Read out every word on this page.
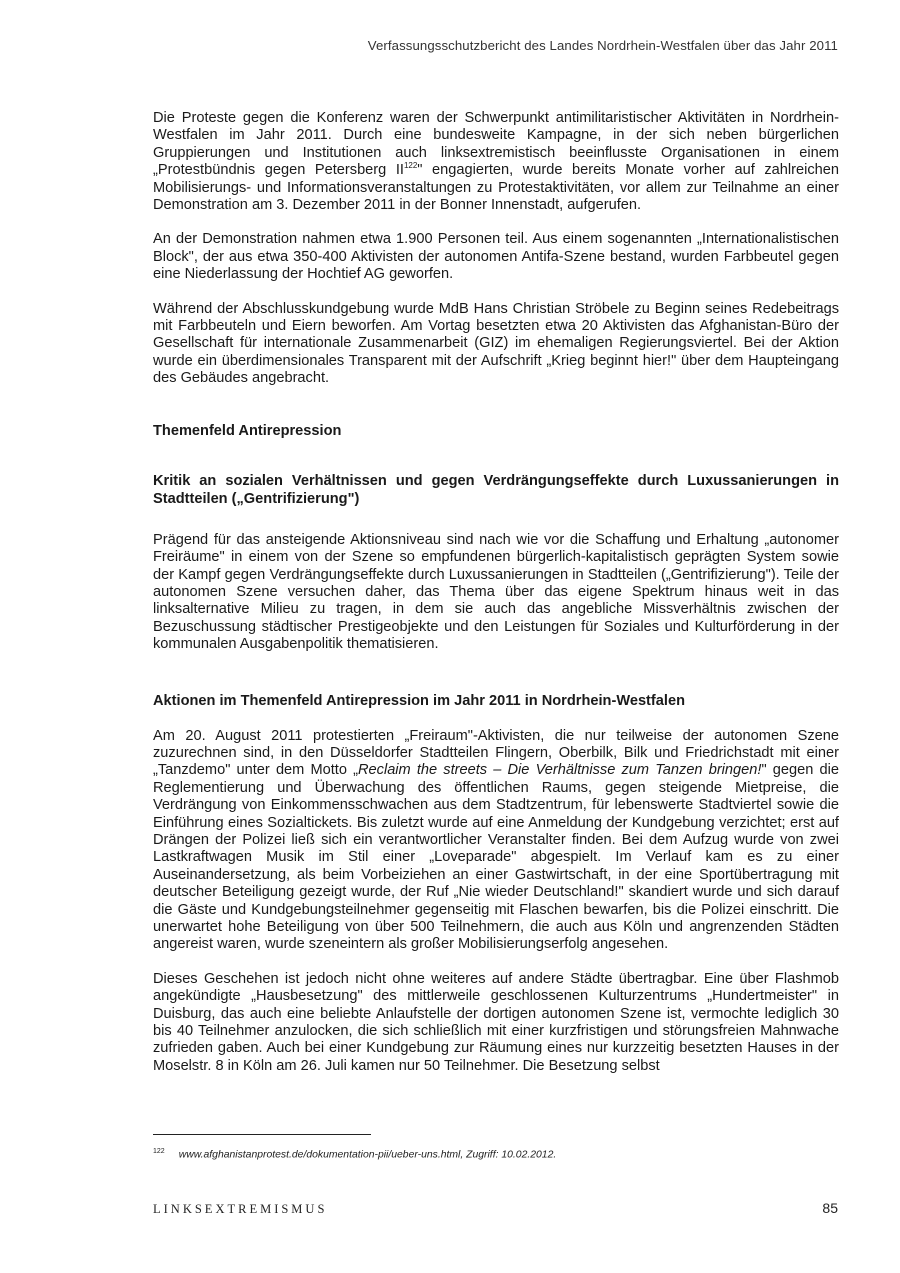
Verfassungsschutzbericht des Landes Nordrhein-Westfalen über das Jahr 2011

Die Proteste gegen die Konferenz waren der Schwerpunkt antimilitaristischer Aktivitäten in Nordrhein-Westfalen im Jahr 2011. Durch eine bundesweite Kampagne, in der sich neben bürgerlichen Gruppierungen und Institutionen auch linksextremistisch beeinflusste Organisationen in einem „Protestbündnis gegen Petersberg II$^{122}$" engagierten, wurde bereits Monate vorher auf zahlreichen Mobilisierungs- und Informationsveranstaltungen zu Protestaktivitäten, vor allem zur Teilnahme an einer Demonstration am 3. Dezember 2011 in der Bonner Innenstadt, aufgerufen.

An der Demonstration nahmen etwa 1.900 Personen teil. Aus einem sogenannten „Internationalistischen Block", der aus etwa 350-400 Aktivisten der autonomen Antifa-Szene bestand, wurden Farbbeutel gegen eine Niederlassung der Hochtief AG geworfen.

Während der Abschlusskundgebung wurde MdB Hans Christian Ströbele zu Beginn seines Redebeitrags mit Farbbeuteln und Eiern beworfen. Am Vortag besetzten etwa 20 Aktivisten das Afghanistan-Büro der Gesellschaft für internationale Zusammenarbeit (GIZ) im ehemaligen Regierungsviertel. Bei der Aktion wurde ein überdimensionales Transparent mit der Aufschrift „Krieg beginnt hier!" über dem Haupteingang des Gebäudes angebracht.

Themenfeld Antirepression
Kritik an sozialen Verhältnissen und gegen Verdrängungseffekte durch Luxussanierungen in Stadtteilen („Gentrifizierung")

Prägend für das ansteigende Aktionsniveau sind nach wie vor die Schaffung und Erhaltung „autonomer Freiräume" in einem von der Szene so empfundenen bürgerlich-kapitalistisch geprägten System sowie der Kampf gegen Verdrängungseffekte durch Luxussanierungen in Stadtteilen („Gentrifizierung"). Teile der autonomen Szene versuchen daher, das Thema über das eigene Spektrum hinaus weit in das linksalternative Milieu zu tragen, in dem sie auch das angebliche Missverhältnis zwischen der Bezuschussung städtischer Prestigeobjekte und den Leistungen für Soziales und Kulturförderung in der kommunalen Ausgabenpolitik thematisieren.

Aktionen im Themenfeld Antirepression im Jahr 2011 in Nordrhein-Westfalen

Am 20. August 2011 protestierten „Freiraum"-Aktivisten, die nur teilweise der autonomen Szene zuzurechnen sind, in den Düsseldorfer Stadtteilen Flingern, Oberbilk, Bilk und Friedrichstadt mit einer „Tanzdemo" unter dem Motto „Reclaim the streets – Die Verhältnisse zum Tanzen bringen!" gegen die Reglementierung und Überwachung des öffentlichen Raums, gegen steigende Mietpreise, die Verdrängung von Einkommensschwachen aus dem Stadtzentrum, für lebenswerte Stadtviertel sowie die Einführung eines Sozialtickets. Bis zuletzt wurde auf eine Anmeldung der Kundgebung verzichtet; erst auf Drängen der Polizei ließ sich ein verantwortlicher Veranstalter finden. Bei dem Aufzug wurde von zwei Lastkraftwagen Musik im Stil einer „Loveparade" abgespielt. Im Verlauf kam es zu einer Auseinandersetzung, als beim Vorbeiziehen an einer Gastwirtschaft, in der eine Sportübertragung mit deutscher Beteiligung gezeigt wurde, der Ruf „Nie wieder Deutschland!" skandiert wurde und sich darauf die Gäste und Kundgebungsteilnehmer gegenseitig mit Flaschen bewarfen, bis die Polizei einschritt. Die unerwartet hohe Beteiligung von über 500 Teilnehmern, die auch aus Köln und angrenzenden Städten angereist waren, wurde szeneintern als großer Mobilisierungserfolg angesehen.

Dieses Geschehen ist jedoch nicht ohne weiteres auf andere Städte übertragbar. Eine über Flashmob angekündigte „Hausbesetzung" des mittlerweile geschlossenen Kulturzentrums „Hundertmeister" in Duisburg, das auch eine beliebte Anlaufstelle der dortigen autonomen Szene ist, vermochte lediglich 30 bis 40 Teilnehmer anzulocken, die sich schließlich mit einer kurzfristigen und störungsfreien Mahnwache zufrieden gaben. Auch bei einer Kundgebung zur Räumung eines nur kurzzeitig besetzten Hauses in der Moselstr. 8 in Köln am 26. Juli kamen nur 50 Teilnehmer. Die Besetzung selbst

$^{122}$ www.afghanistanprotest.de/dokumentation-pii/ueber-uns.html, Zugriff: 10.02.2012.
LINKSEXTREMISMUS	85
